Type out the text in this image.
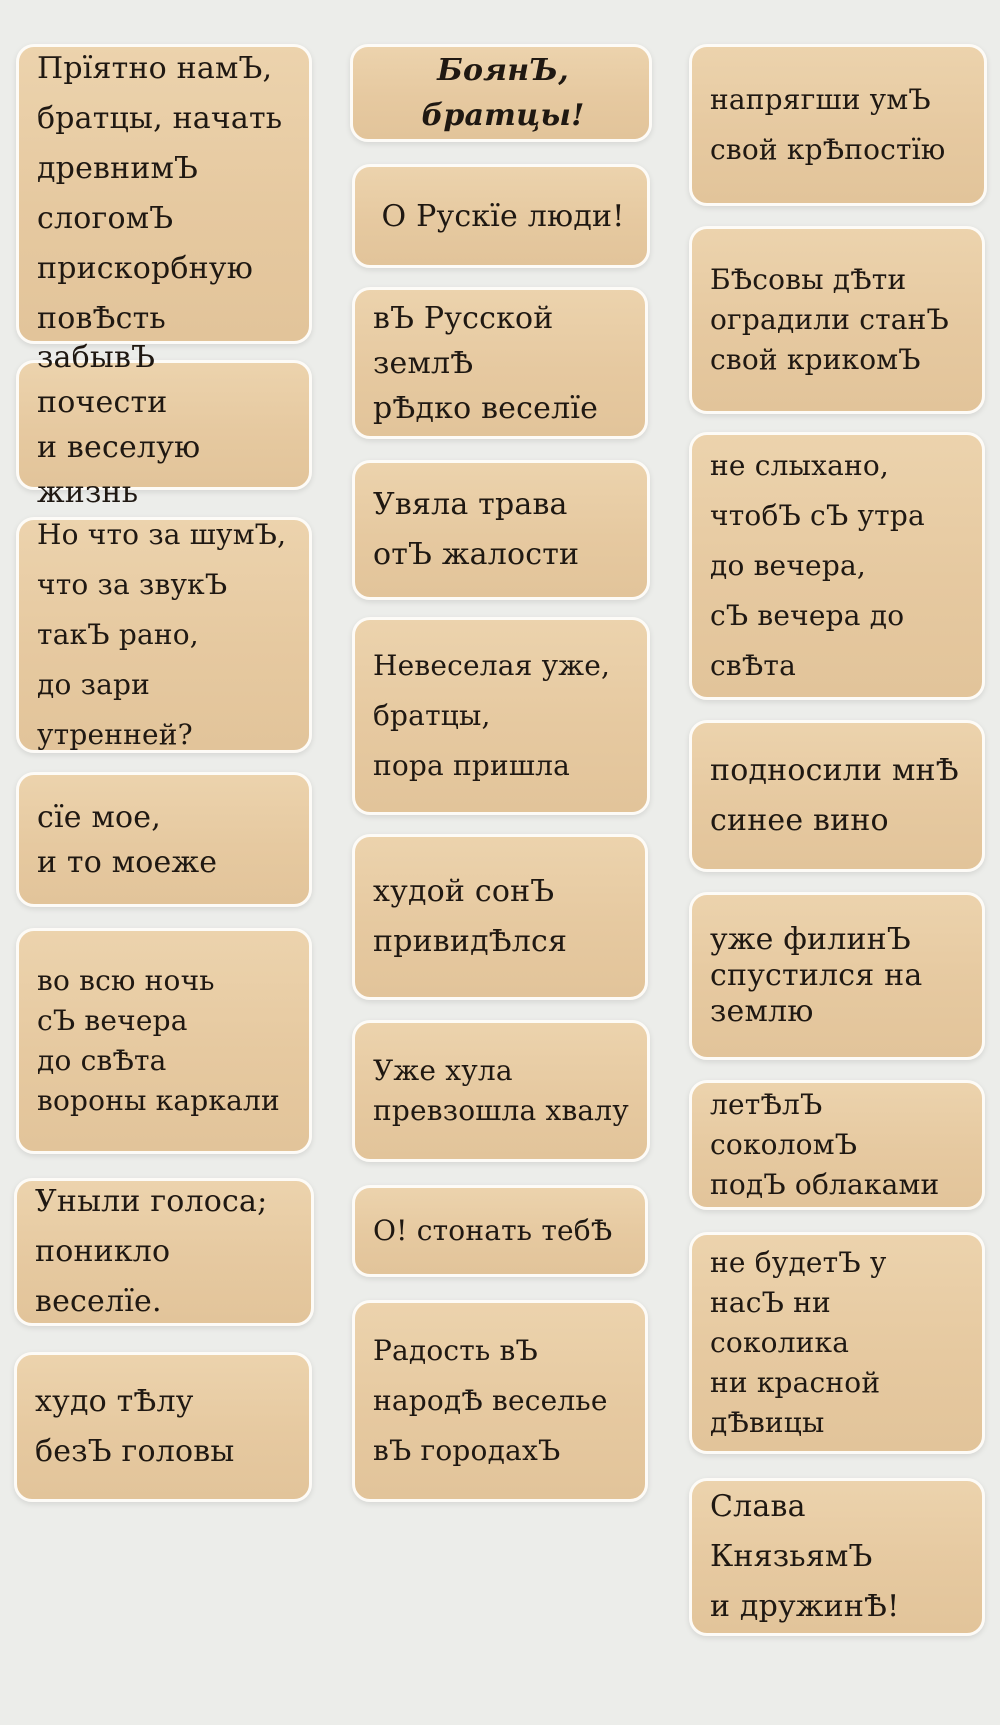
Прїятно намЪ,
братцы, начать
древнимЪ слогомЪ
прискорбную
повѢсть
забывЪ почести
и веселую жизнь
Но что за шумЪ,
что за звукЪ
такЪ рано,
до зари утренней?
сїе мое,
и то моеже
во всю ночь
сЪ вечера
до свѢта
вороны каркали
Уныли голоса;
поникло веселїе.
худо тѢлу
безЪ головы
БоянЪ, братцы!
О Рускїе люди!
вЪ Русской землѢ
рѢдко веселїе
Увяла трава
отЪ жалости
Невеселая уже,
братцы,
пора пришла
худой сонЪ
привидѢлся
Уже хула
превзошла хвалу
О! стонать тебѢ
Радость вЪ
народѢ веселье
вЪ городахЪ
напрягши умЪ
свой крѢпостїю
БѢсовы дѢти
оградили станЪ
свой крикомЪ
не слыхано,
чтобЪ сЪ утра
до вечера,
сЪ вечера до
свѢта
подносили мнѢ
синее вино
уже филинЪ
спустился на
землю
летѢлЪ соколомЪ
подЪ облаками
не будетЪ у
насЪ ни соколика
ни красной
дѢвицы
Слава КнязьямЪ
и дружинѢ!
